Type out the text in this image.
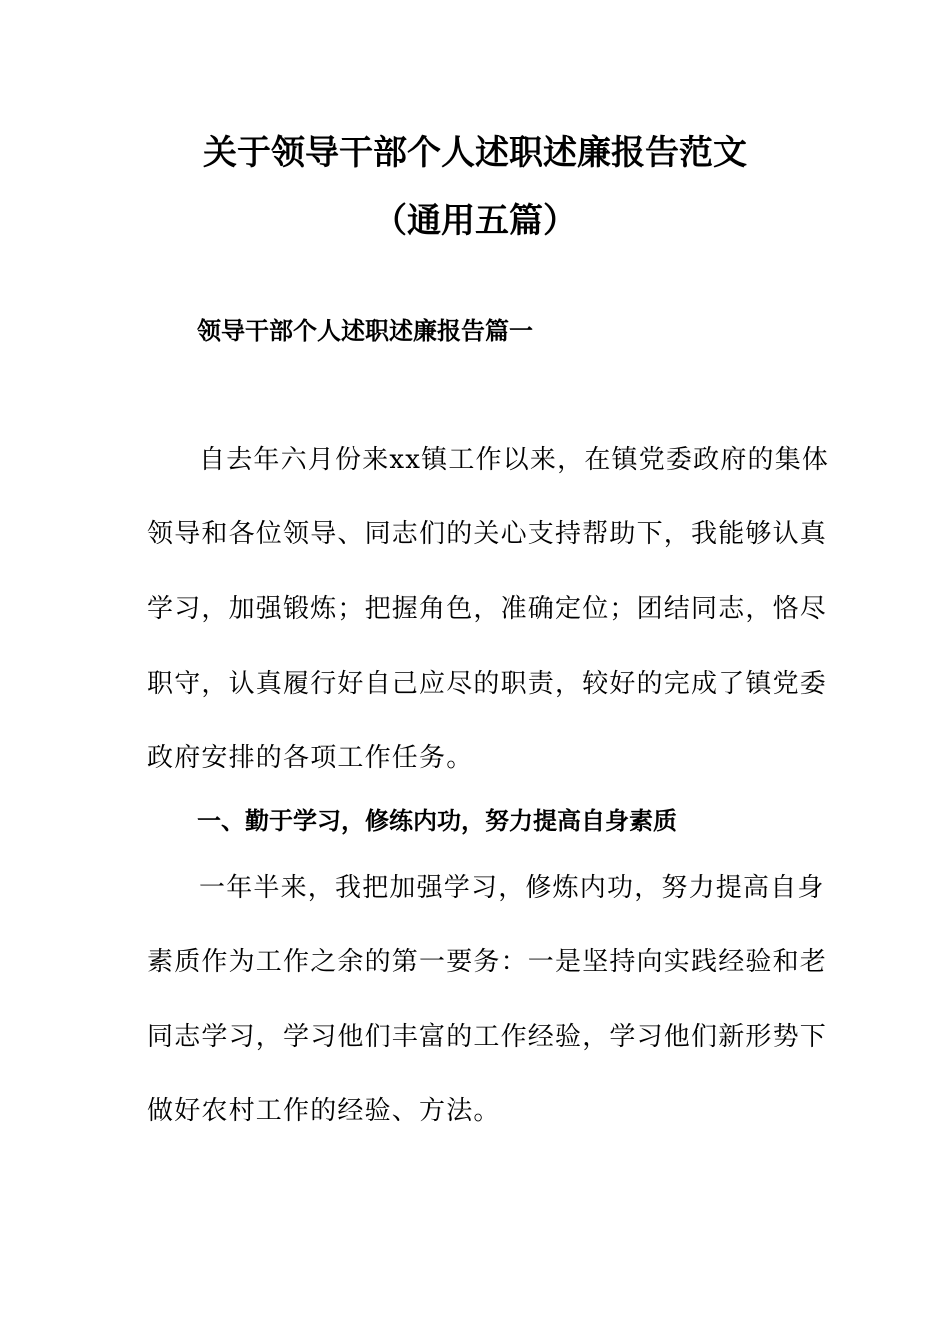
关于领导干部个人述职述廉报告范文
（通用五篇）
领导干部个人述职述廉报告篇一
自去年六月份来xx镇工作以来，在镇党委政府的集体
领导和各位领导、同志们的关心支持帮助下，我能够认真
学习，加强锻炼；把握角色，准确定位；团结同志，恪尽
职守，认真履行好自己应尽的职责，较好的完成了镇党委
政府安排的各项工作任务。
一、勤于学习，修练内功，努力提高自身素质
一年半来，我把加强学习，修炼内功，努力提高自身
素质作为工作之余的第一要务：一是坚持向实践经验和老
同志学习，学习他们丰富的工作经验，学习他们新形势下
做好农村工作的经验、方法。
